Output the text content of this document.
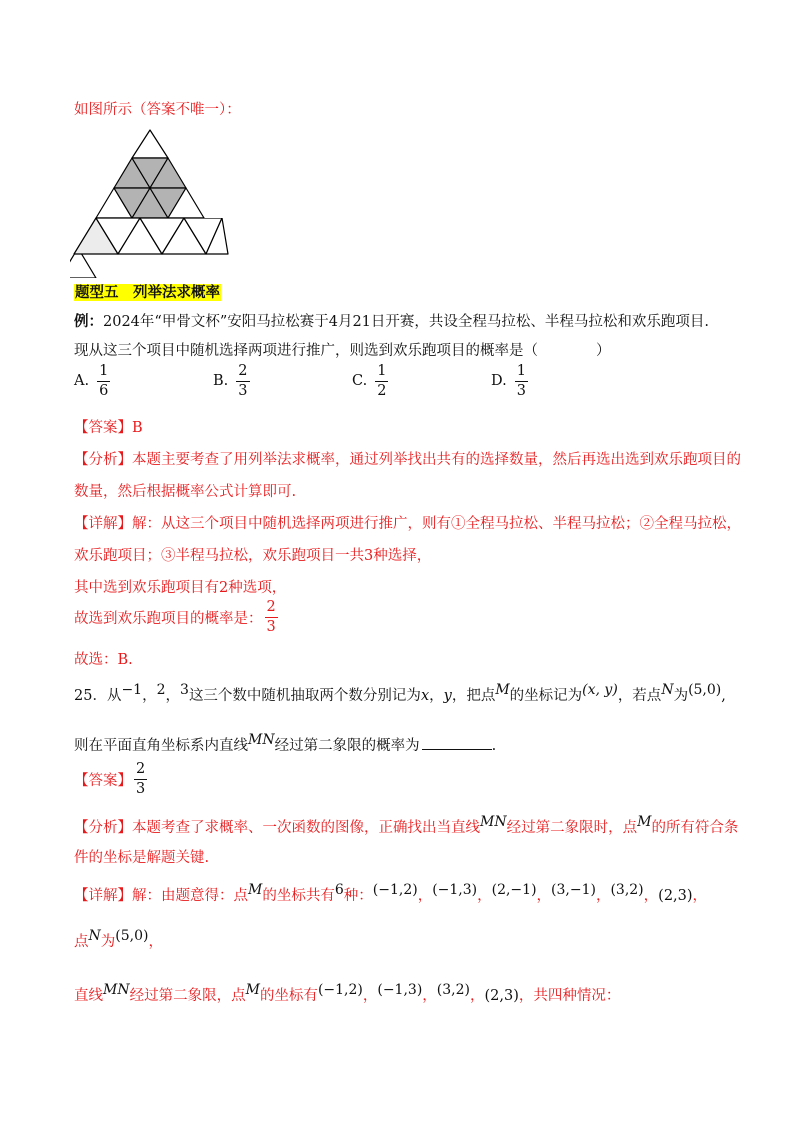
如图所示（答案不唯一）：
题型五　列举法求概率
例：2024年“甲骨文杯”安阳马拉松赛于4月21日开赛，共设全程马拉松、半程马拉松和欢乐跑项目.
现从这三个项目中随机选择两项进行推广，则选到欢乐跑项目的概率是（　　　　）
A. $\frac{1}{6}$	B. $\frac{2}{3}$	C. $\frac{1}{2}$	D. $\frac{1}{3}$
【答案】B
【分析】本题主要考查了用列举法求概率，通过列举找出共有的选择数量，然后再选出选到欢乐跑项目的
数量，然后根据概率公式计算即可.
【详解】解：从这三个项目中随机选择两项进行推广，则有①全程马拉松、半程马拉松；②全程马拉松，
欢乐跑项目；③半程马拉松，欢乐跑项目一共3种选择，
其中选到欢乐跑项目有2种选项，
故选到欢乐跑项目的概率是： $\frac{2}{3}$
故选：B.
25．从−1，2，3这三个数中随机抽取两个数分别记为x，y，把点M的坐标记为(x, y)，若点N为(5,0),
则在平面直角坐标系内直线MN经过第二象限的概率为	.
【答案】 $\frac{2}{3}$
【分析】本题考查了求概率、一次函数的图像，正确找出当直线MN经过第二象限时，点M的所有符合条
件的坐标是解题关键.
【详解】解：由题意得：点M的坐标共有6种：(−1,2)，(−1,3)，(2,−1)，(3,−1)，(3,2)，(2,3)，
点N为(5,0)，
直线MN经过第二象限，点M的坐标有(−1,2)，(−1,3)，(3,2)，(2,3)，共四种情况：
